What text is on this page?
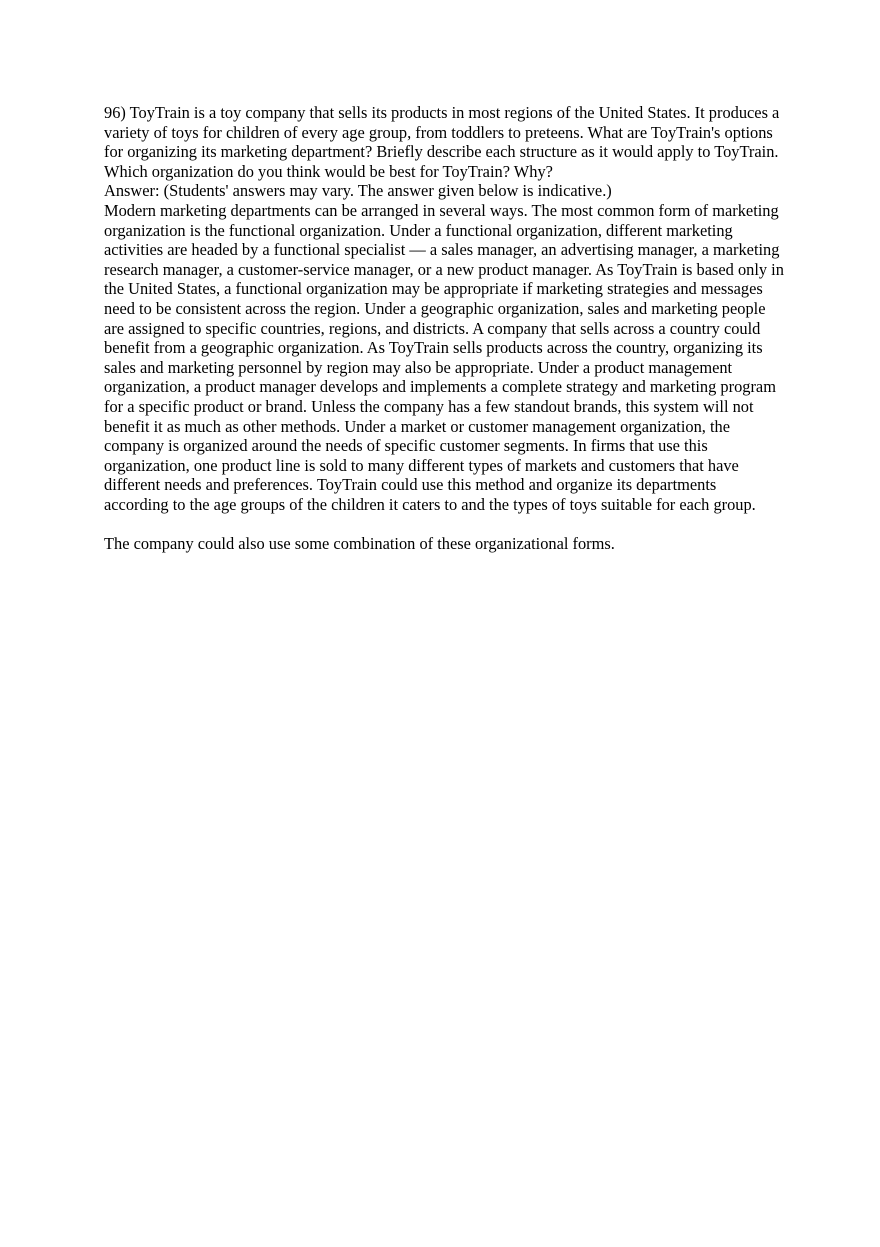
96) ToyTrain is a toy company that sells its products in most regions of the United States. It produces a variety of toys for children of every age group, from toddlers to preteens. What are ToyTrain's options for organizing its marketing department? Briefly describe each structure as it would apply to ToyTrain. Which organization do you think would be best for ToyTrain? Why?

Answer: (Students' answers may vary. The answer given below is indicative.)

Modern marketing departments can be arranged in several ways. The most common form of marketing organization is the functional organization. Under a functional organization, different marketing activities are headed by a functional specialist — a sales manager, an advertising manager, a marketing research manager, a customer-service manager, or a new product manager. As ToyTrain is based only in the United States, a functional organization may be appropriate if marketing strategies and messages need to be consistent across the region. Under a geographic organization, sales and marketing people are assigned to specific countries, regions, and districts. A company that sells across a country could benefit from a geographic organization. As ToyTrain sells products across the country, organizing its sales and marketing personnel by region may also be appropriate. Under a product management organization, a product manager develops and implements a complete strategy and marketing program for a specific product or brand. Unless the company has a few standout brands, this system will not benefit it as much as other methods. Under a market or customer management organization, the company is organized around the needs of specific customer segments. In firms that use this organization, one product line is sold to many different types of markets and customers that have different needs and preferences. ToyTrain could use this method and organize its departments according to the age groups of the children it caters to and the types of toys suitable for each group.

The company could also use some combination of these organizational forms.
